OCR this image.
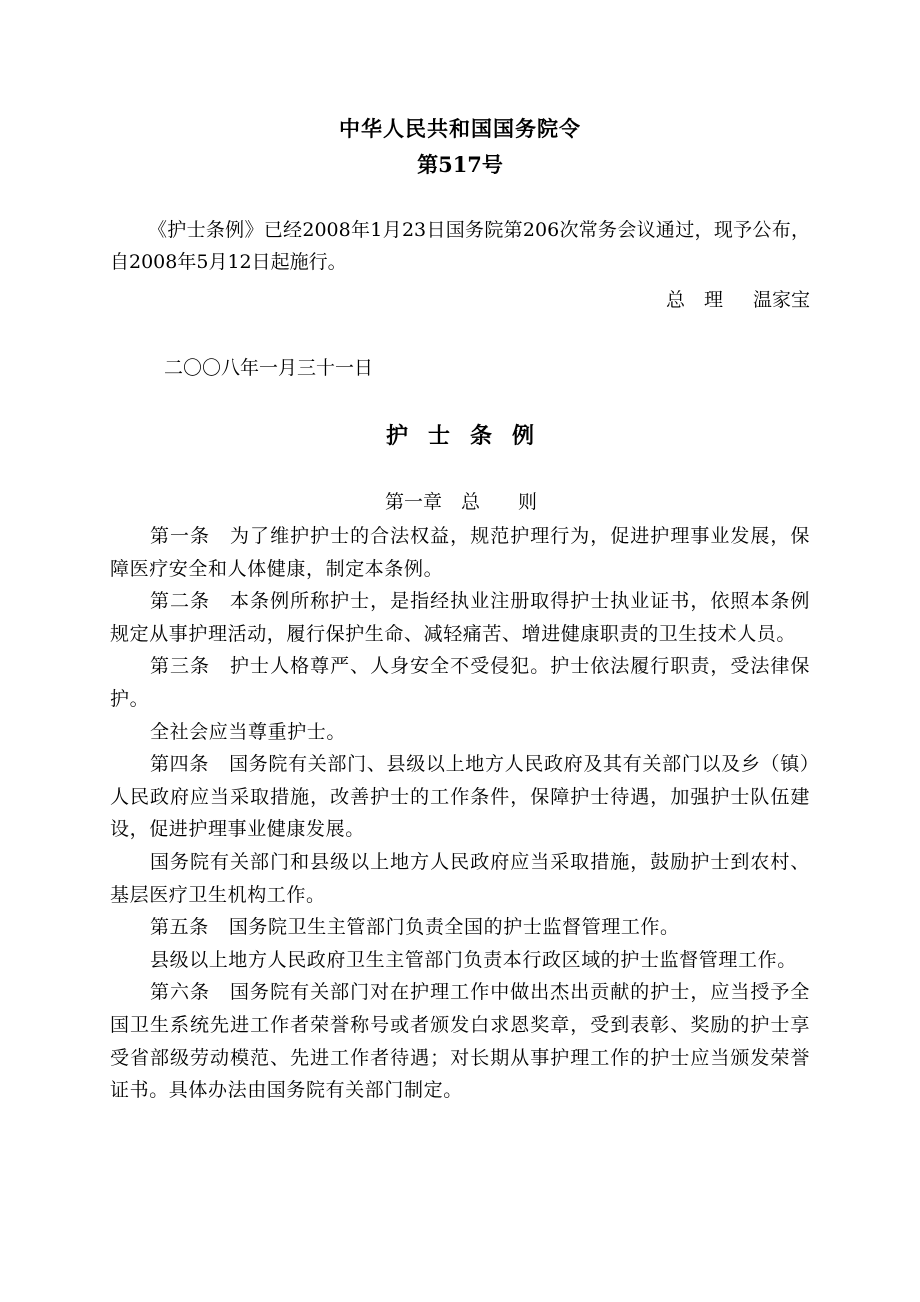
中华人民共和国国务院令
第517号
《护士条例》已经2008年1月23日国务院第206次常务会议通过，现予公布，自2008年5月12日起施行。
总　理 温家宝
二〇〇八年一月三十一日
护士条例
第一章　总　　则

第一条 为了维护护士的合法权益，规范护理行为，促进护理事业发展，保障医疗安全和人体健康，制定本条例。

第二条 本条例所称护士，是指经执业注册取得护士执业证书，依照本条例规定从事护理活动，履行保护生命、减轻痛苦、增进健康职责的卫生技术人员。

第三条 护士人格尊严、人身安全不受侵犯。护士依法履行职责，受法律保护。

全社会应当尊重护士。

第四条 国务院有关部门、县级以上地方人民政府及其有关部门以及乡（镇）人民政府应当采取措施，改善护士的工作条件，保障护士待遇，加强护士队伍建设，促进护理事业健康发展。

国务院有关部门和县级以上地方人民政府应当采取措施，鼓励护士到农村、基层医疗卫生机构工作。

第五条 国务院卫生主管部门负责全国的护士监督管理工作。

县级以上地方人民政府卫生主管部门负责本行政区域的护士监督管理工作。

第六条 国务院有关部门对在护理工作中做出杰出贡献的护士，应当授予全国卫生系统先进工作者荣誉称号或者颁发白求恩奖章，受到表彰、奖励的护士享受省部级劳动模范、先进工作者待遇；对长期从事护理工作的护士应当颁发荣誉证书。具体办法由国务院有关部门制定。
